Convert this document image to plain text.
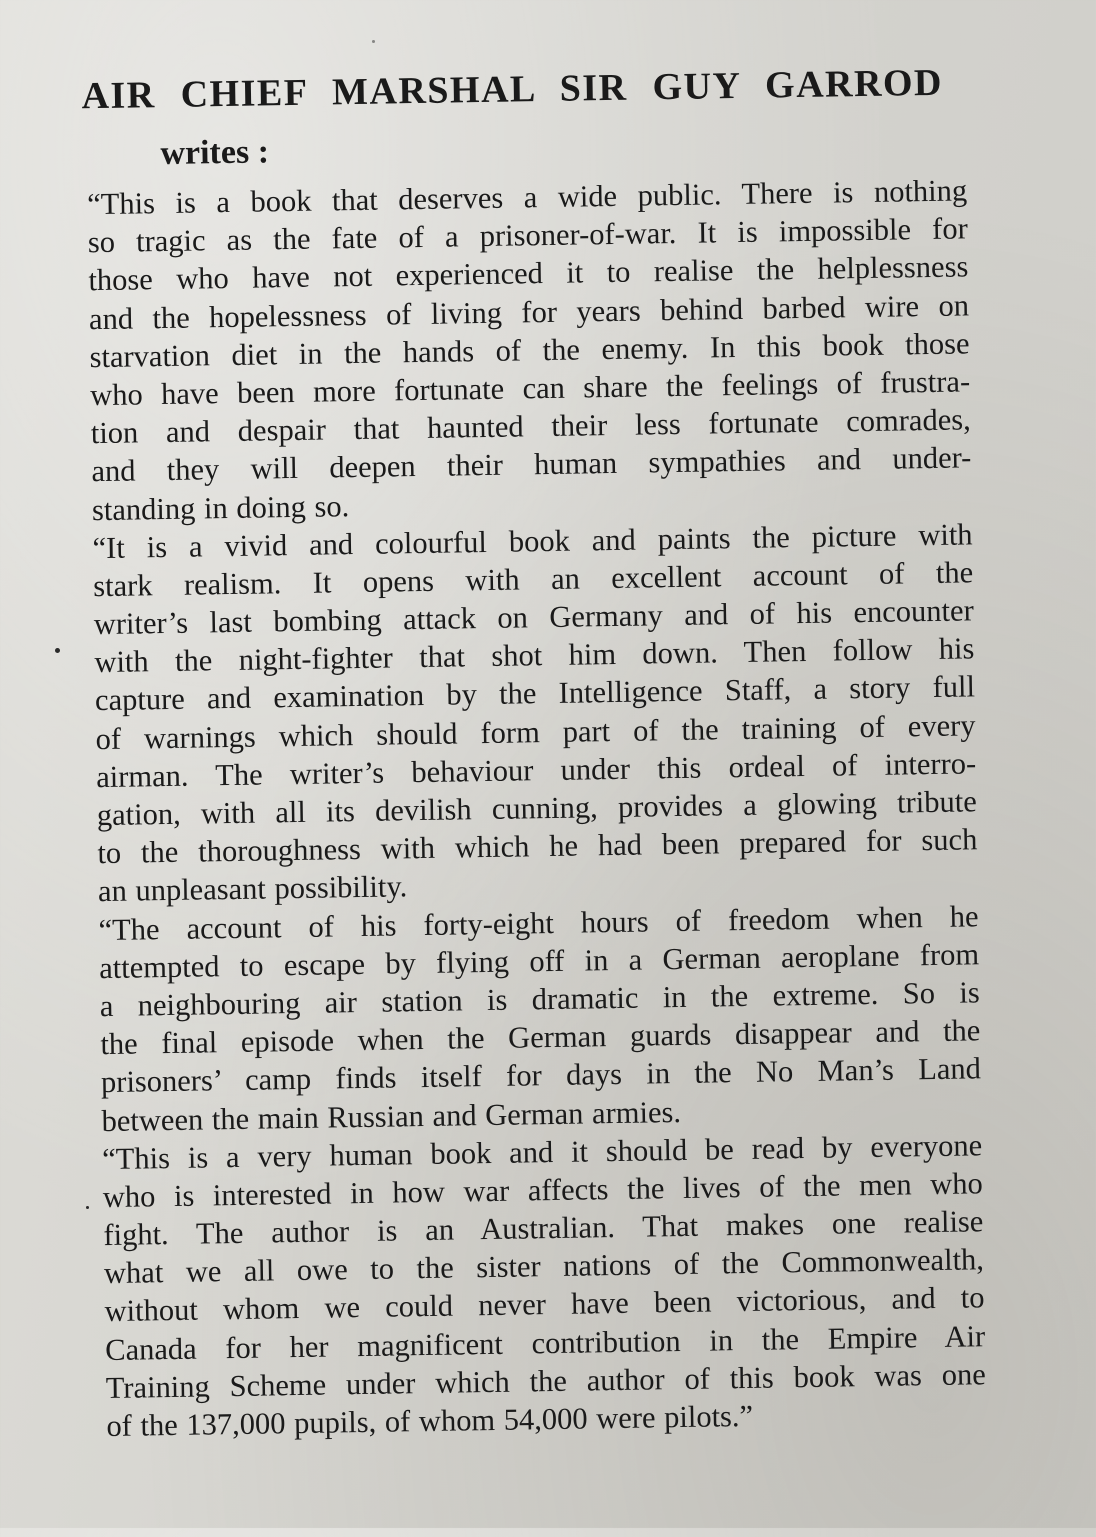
AIR CHIEF MARSHAL SIR GUY GARROD
writes :
“This is a book that deserves a wide public. There is nothing
so tragic as the fate of a prisoner-of-war. It is impossible for
those who have not experienced it to realise the helplessness
and the hopelessness of living for years behind barbed wire on
starvation diet in the hands of the enemy. In this book those
who have been more fortunate can share the feelings of frustra-
tion and despair that haunted their less fortunate comrades,
and they will deepen their human sympathies and under-
standing in doing so.
“It is a vivid and colourful book and paints the picture with
stark realism. It opens with an excellent account of the
writer’s last bombing attack on Germany and of his encounter
with the night-fighter that shot him down. Then follow his
capture and examination by the Intelligence Staff, a story full
of warnings which should form part of the training of every
airman. The writer’s behaviour under this ordeal of interro-
gation, with all its devilish cunning, provides a glowing tribute
to the thoroughness with which he had been prepared for such
an unpleasant possibility.
“The account of his forty-eight hours of freedom when he
attempted to escape by flying off in a German aeroplane from
a neighbouring air station is dramatic in the extreme. So is
the final episode when the German guards disappear and the
prisoners’ camp finds itself for days in the No Man’s Land
between the main Russian and German armies.
“This is a very human book and it should be read by everyone
who is interested in how war affects the lives of the men who
fight. The author is an Australian. That makes one realise
what we all owe to the sister nations of the Commonwealth,
without whom we could never have been victorious, and to
Canada for her magnificent contribution in the Empire Air
Training Scheme under which the author of this book was one
of the 137,000 pupils, of whom 54,000 were pilots.”
